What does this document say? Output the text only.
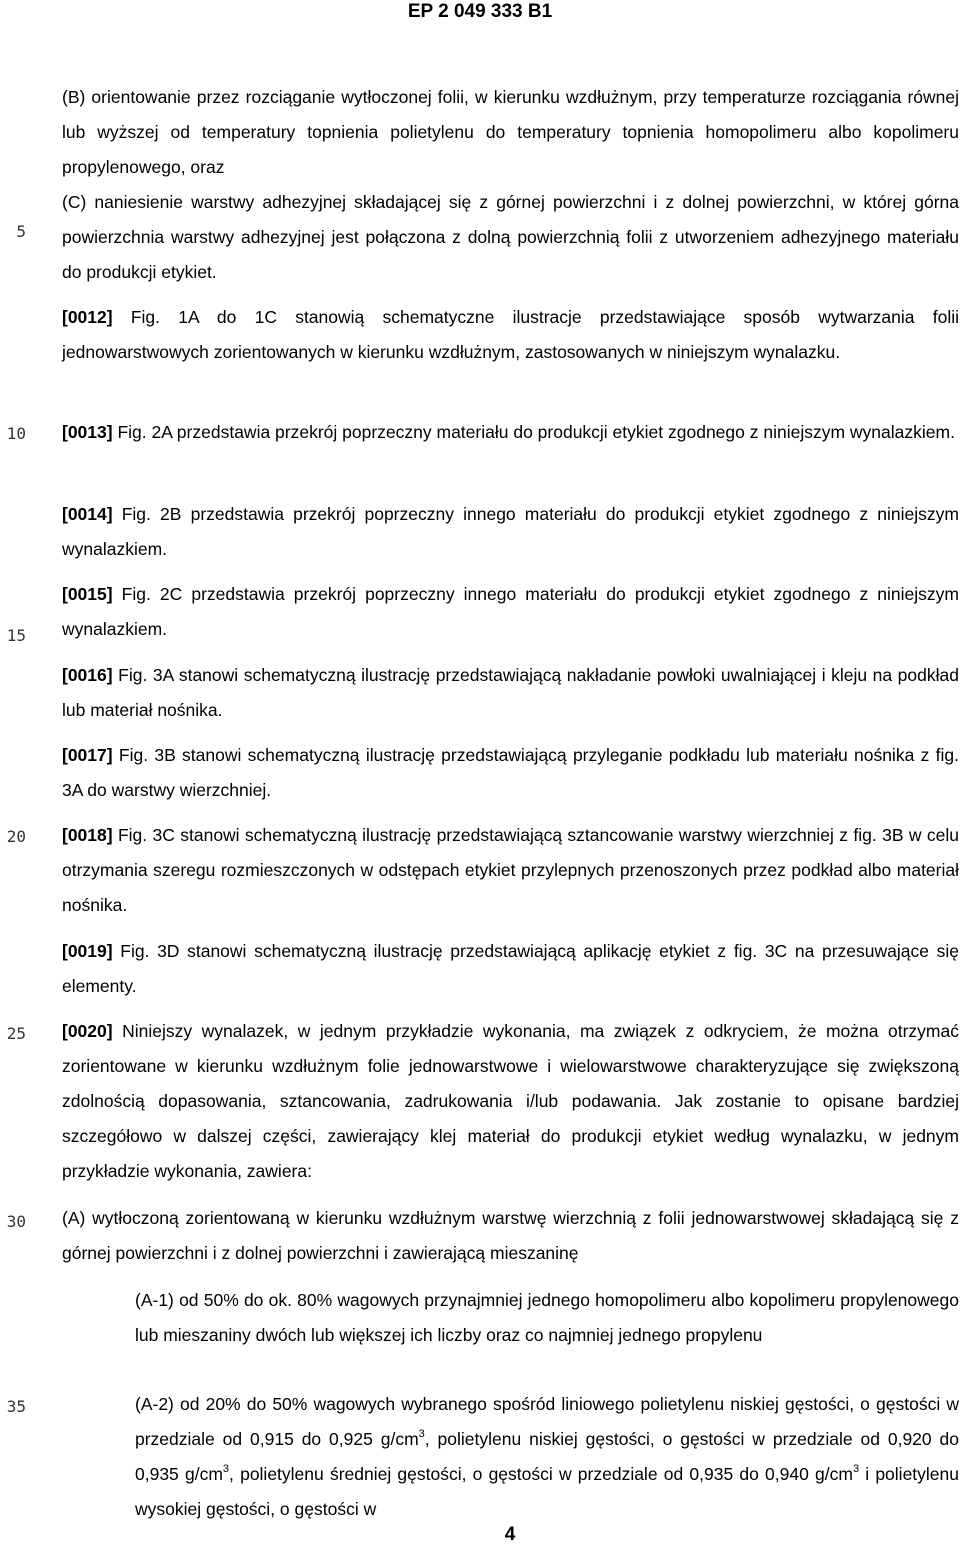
EP 2 049 333 B1
5
10
15
20
25
30
35
(B) orientowanie przez rozciąganie wytłoczonej folii, w kierunku wzdłużnym, przy temperaturze rozciągania równej lub wyższej od temperatury topnienia polietylenu do temperatury topnienia homopolimeru albo kopolimeru propylenowego, oraz
(C) naniesienie warstwy adhezyjnej składającej się z górnej powierzchni i z dolnej powierzchni, w której górna powierzchnia warstwy adhezyjnej jest połączona z dolną powierzchnią folii z utworzeniem adhezyjnego materiału do produkcji etykiet.
[0012] Fig. 1A do 1C stanowią schematyczne ilustracje przedstawiające sposób wytwarzania folii jednowarstwowych zorientowanych w kierunku wzdłużnym, zastosowanych w niniejszym wynalazku.
[0013] Fig. 2A przedstawia przekrój poprzeczny materiału do produkcji etykiet zgodnego z niniejszym wynalazkiem.
[0014] Fig. 2B przedstawia przekrój poprzeczny innego materiału do produkcji etykiet zgodnego z niniejszym wynalazkiem.
[0015] Fig. 2C przedstawia przekrój poprzeczny innego materiału do produkcji etykiet zgodnego z niniejszym wynalazkiem.
[0016] Fig. 3A stanowi schematyczną ilustrację przedstawiającą nakładanie powłoki uwalniającej i kleju na podkład lub materiał nośnika.
[0017] Fig. 3B stanowi schematyczną ilustrację przedstawiającą przyleganie podkładu lub materiału nośnika z fig. 3A do warstwy wierzchniej.
[0018] Fig. 3C stanowi schematyczną ilustrację przedstawiającą sztancowanie warstwy wierzchniej z fig. 3B w celu otrzymania szeregu rozmieszczonych w odstępach etykiet przylepnych przenoszonych przez podkład albo materiał nośnika.
[0019] Fig. 3D stanowi schematyczną ilustrację przedstawiającą aplikację etykiet z fig. 3C na przesuwające się elementy.
[0020] Niniejszy wynalazek, w jednym przykładzie wykonania, ma związek z odkryciem, że można otrzymać zorientowane w kierunku wzdłużnym folie jednowarstwowe i wielowarstwowe charakteryzujące się zwiększoną zdolnością dopasowania, sztancowania, zadrukowania i/lub podawania. Jak zostanie to opisane bardziej szczegółowo w dalszej części, zawierający klej materiał do produkcji etykiet według wynalazku, w jednym przykładzie wykonania, zawiera:
(A) wytłoczoną zorientowaną w kierunku wzdłużnym warstwę wierzchnią z folii jednowarstwowej składającą się z górnej powierzchni i z dolnej powierzchni i zawierającą mieszaninę
(A-1) od 50% do ok. 80% wagowych przynajmniej jednego homopolimeru albo kopolimeru propylenowego lub mieszaniny dwóch lub większej ich liczby oraz co najmniej jednego propylenu
(A-2) od 20% do 50% wagowych wybranego spośród liniowego polietylenu niskiej gęstości, o gęstości w przedziale od 0,915 do 0,925 $g/cm^3$, polietylenu niskiej gęstości, o gęstości w przedziale od 0,920 do 0,935 $g/cm^3$, polietylenu średniej gęstości, o gęstości w przedziale od 0,935 do 0,940 $g/cm^3$ i polietylenu wysokiej gęstości, o gęstości w
4
